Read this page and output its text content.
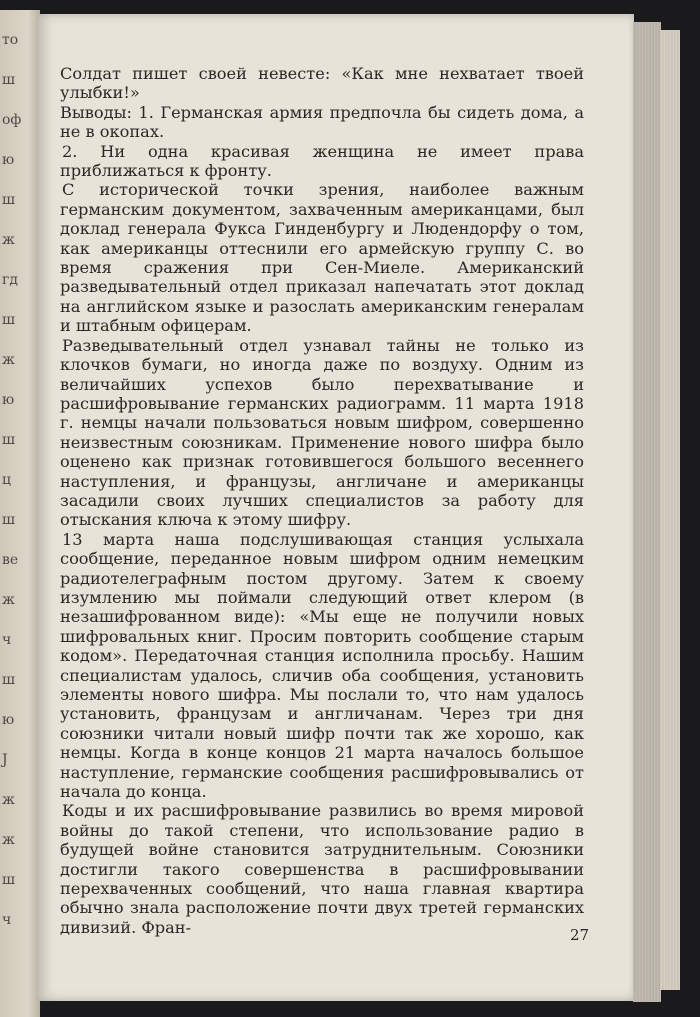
то
ш
оф
ю
ш
ж
гд
ш
ж
ю
ш
ц
ш
ве
ж
ч
ш
ю
Ј
ж
ж
ш
ч

Солдат пишет своей невесте: «Как мне нехватает твоей улыбки!»

Выводы: 1. Германская армия предпочла бы сидеть дома, а не в окопах.

2. Ни одна красивая женщина не имеет права приближаться к фронту.

С исторической точки зрения, наиболее важным германским документом, захваченным американцами, был доклад генерала Фукса Гинденбургу и Людендорфу о том, как американцы оттеснили его армейскую группу С. во время сражения при Сен-Миеле. Американский разведывательный отдел приказал напечатать этот доклад на английском языке и разослать американским генералам и штабным офицерам.

Разведывательный отдел узнавал тайны не только из клочков бумаги, но иногда даже по воздуху. Одним из величайших успехов было перехватывание и расшифровывание германских радиограмм. 11 марта 1918 г. немцы начали пользоваться новым шифром, совершенно неизвестным союзникам. Применение нового шифра было оценено как признак готовившегося большого весеннего наступления, и французы, англичане и американцы засадили своих лучших специалистов за работу для отыскания ключа к этому шифру.

13 марта наша подслушивающая станция услыхала сообщение, переданное новым шифром одним немецким радиотелеграфным постом другому. Затем к своему изумлению мы поймали следующий ответ клером (в незашифрованном виде): «Мы еще не получили новых шифровальных книг. Просим повторить сообщение старым кодом». Передаточная станция исполнила просьбу. Нашим специалистам удалось, сличив оба сообщения, установить элементы нового шифра. Мы послали то, что нам удалось установить, французам и англичанам. Через три дня союзники читали новый шифр почти так же хорошо, как немцы. Когда в конце концов 21 марта началось большое наступление, германские сообщения расшифровывались от начала до конца.

Коды и их расшифровывание развились во время мировой войны до такой степени, что использование радио в будущей войне становится затруднительным. Союзники достигли такого совершенства в расшифровывании перехваченных сообщений, что наша главная квартира обычно знала расположение почти двух третей германских дивизий. Фран-	27
